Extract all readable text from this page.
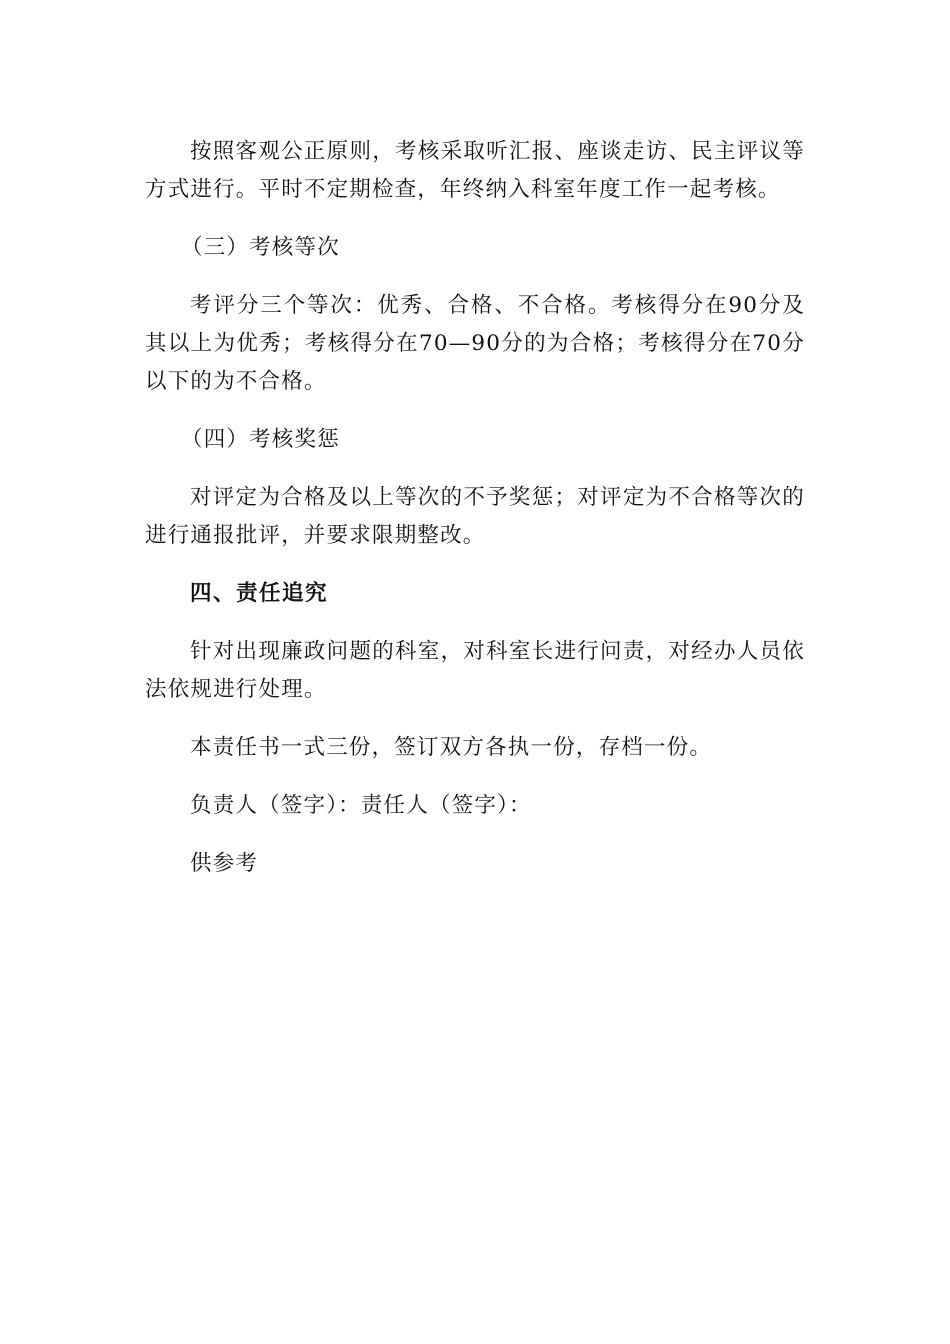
按照客观公正原则，考核采取听汇报、座谈走访、民主评议等方式进行。平时不定期检查，年终纳入科室年度工作一起考核。

（三）考核等次

考评分三个等次：优秀、合格、不合格。考核得分在90分及其以上为优秀；考核得分在70—90分的为合格；考核得分在70分以下的为不合格。

（四）考核奖惩

对评定为合格及以上等次的不予奖惩；对评定为不合格等次的进行通报批评，并要求限期整改。

四、责任追究

针对出现廉政问题的科室，对科室长进行问责，对经办人员依法依规进行处理。

本责任书一式三份，签订双方各执一份，存档一份。

负责人（签字）：责任人（签字）：

供参考
